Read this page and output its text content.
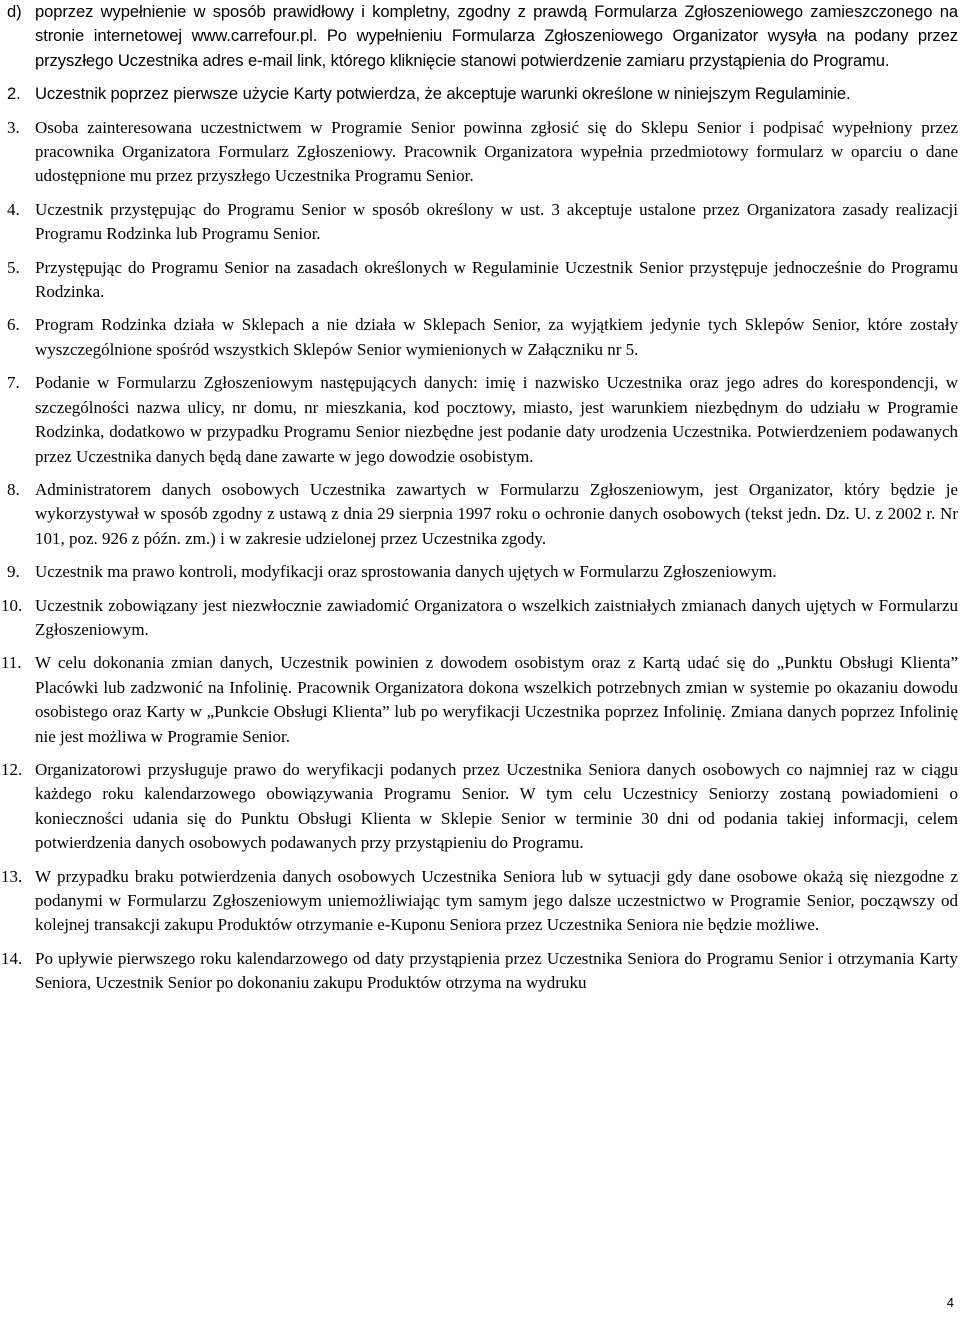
d) poprzez wypełnienie w sposób prawidłowy i kompletny, zgodny z prawdą Formularza Zgłoszeniowego zamieszczonego na stronie internetowej www.carrefour.pl. Po wypełnieniu Formularza Zgłoszeniowego Organizator wysyła na podany przez przyszłego Uczestnika adres e-mail link, którego kliknięcie stanowi potwierdzenie zamiaru przystąpienia do Programu.
2. Uczestnik poprzez pierwsze użycie Karty potwierdza, że akceptuje warunki określone w niniejszym Regulaminie.
3. Osoba zainteresowana uczestnictwem w Programie Senior powinna zgłosić się do Sklepu Senior i podpisać wypełniony przez pracownika Organizatora Formularz Zgłoszeniowy. Pracownik Organizatora wypełnia przedmiotowy formularz w oparciu o dane udostępnione mu przez przyszłego Uczestnika Programu Senior.
4. Uczestnik przystępując do Programu Senior w sposób określony w ust. 3 akceptuje ustalone przez Organizatora zasady realizacji Programu Rodzinka lub Programu Senior.
5. Przystępując do Programu Senior na zasadach określonych w Regulaminie Uczestnik Senior przystępuje jednocześnie do Programu Rodzinka.
6. Program Rodzinka działa w Sklepach a nie działa w Sklepach Senior, za wyjątkiem jedynie tych Sklepów Senior, które zostały wyszczególnione spośród wszystkich Sklepów Senior wymienionych w Załączniku nr 5.
7. Podanie w Formularzu Zgłoszeniowym następujących danych: imię i nazwisko Uczestnika oraz jego adres do korespondencji, w szczególności nazwa ulicy, nr domu, nr mieszkania, kod pocztowy, miasto, jest warunkiem niezbędnym do udziału w Programie Rodzinka, dodatkowo w przypadku Programu Senior niezbędne jest podanie daty urodzenia Uczestnika. Potwierdzeniem podawanych przez Uczestnika danych będą dane zawarte w jego dowodzie osobistym.
8. Administratorem danych osobowych Uczestnika zawartych w Formularzu Zgłoszeniowym, jest Organizator, który będzie je wykorzystywał w sposób zgodny z ustawą z dnia 29 sierpnia 1997 roku o ochronie danych osobowych (tekst jedn. Dz. U. z 2002 r. Nr 101, poz. 926 z późn. zm.) i w zakresie udzielonej przez Uczestnika zgody.
9. Uczestnik ma prawo kontroli, modyfikacji oraz sprostowania danych ujętych w Formularzu Zgłoszeniowym.
10. Uczestnik zobowiązany jest niezwłocznie zawiadomić Organizatora o wszelkich zaistniałych zmianach danych ujętych w Formularzu Zgłoszeniowym.
11. W celu dokonania zmian danych, Uczestnik powinien z dowodem osobistym oraz z Kartą udać się do „Punktu Obsługi Klienta” Placówki lub zadzwonić na Infolinię. Pracownik Organizatora dokona wszelkich potrzebnych zmian w systemie po okazaniu dowodu osobistego oraz Karty w „Punkcie Obsługi Klienta” lub po weryfikacji Uczestnika poprzez Infolinię. Zmiana danych poprzez Infolinię nie jest możliwa w Programie Senior.
12. Organizatorowi przysługuje prawo do weryfikacji podanych przez Uczestnika Seniora danych osobowych co najmniej raz w ciągu każdego roku kalendarzowego obowiązywania Programu Senior. W tym celu Uczestnicy Seniorzy zostaną powiadomieni o konieczności udania się do Punktu Obsługi Klienta w Sklepie Senior w terminie 30 dni od podania takiej informacji, celem potwierdzenia danych osobowych podawanych przy przystąpieniu do Programu.
13. W przypadku braku potwierdzenia danych osobowych Uczestnika Seniora lub w sytuacji gdy dane osobowe okażą się niezgodne z podanymi w Formularzu Zgłoszeniowym uniemożliwiając tym samym jego dalsze uczestnictwo w Programie Senior, począwszy od kolejnej transakcji zakupu Produktów otrzymanie e-Kuponu Seniora przez Uczestnika Seniora nie będzie możliwe.
14. Po upływie pierwszego roku kalendarzowego od daty przystąpienia przez Uczestnika Seniora do Programu Senior i otrzymania Karty Seniora, Uczestnik Senior po dokonaniu zakupu Produktów otrzyma na wydruku
4
